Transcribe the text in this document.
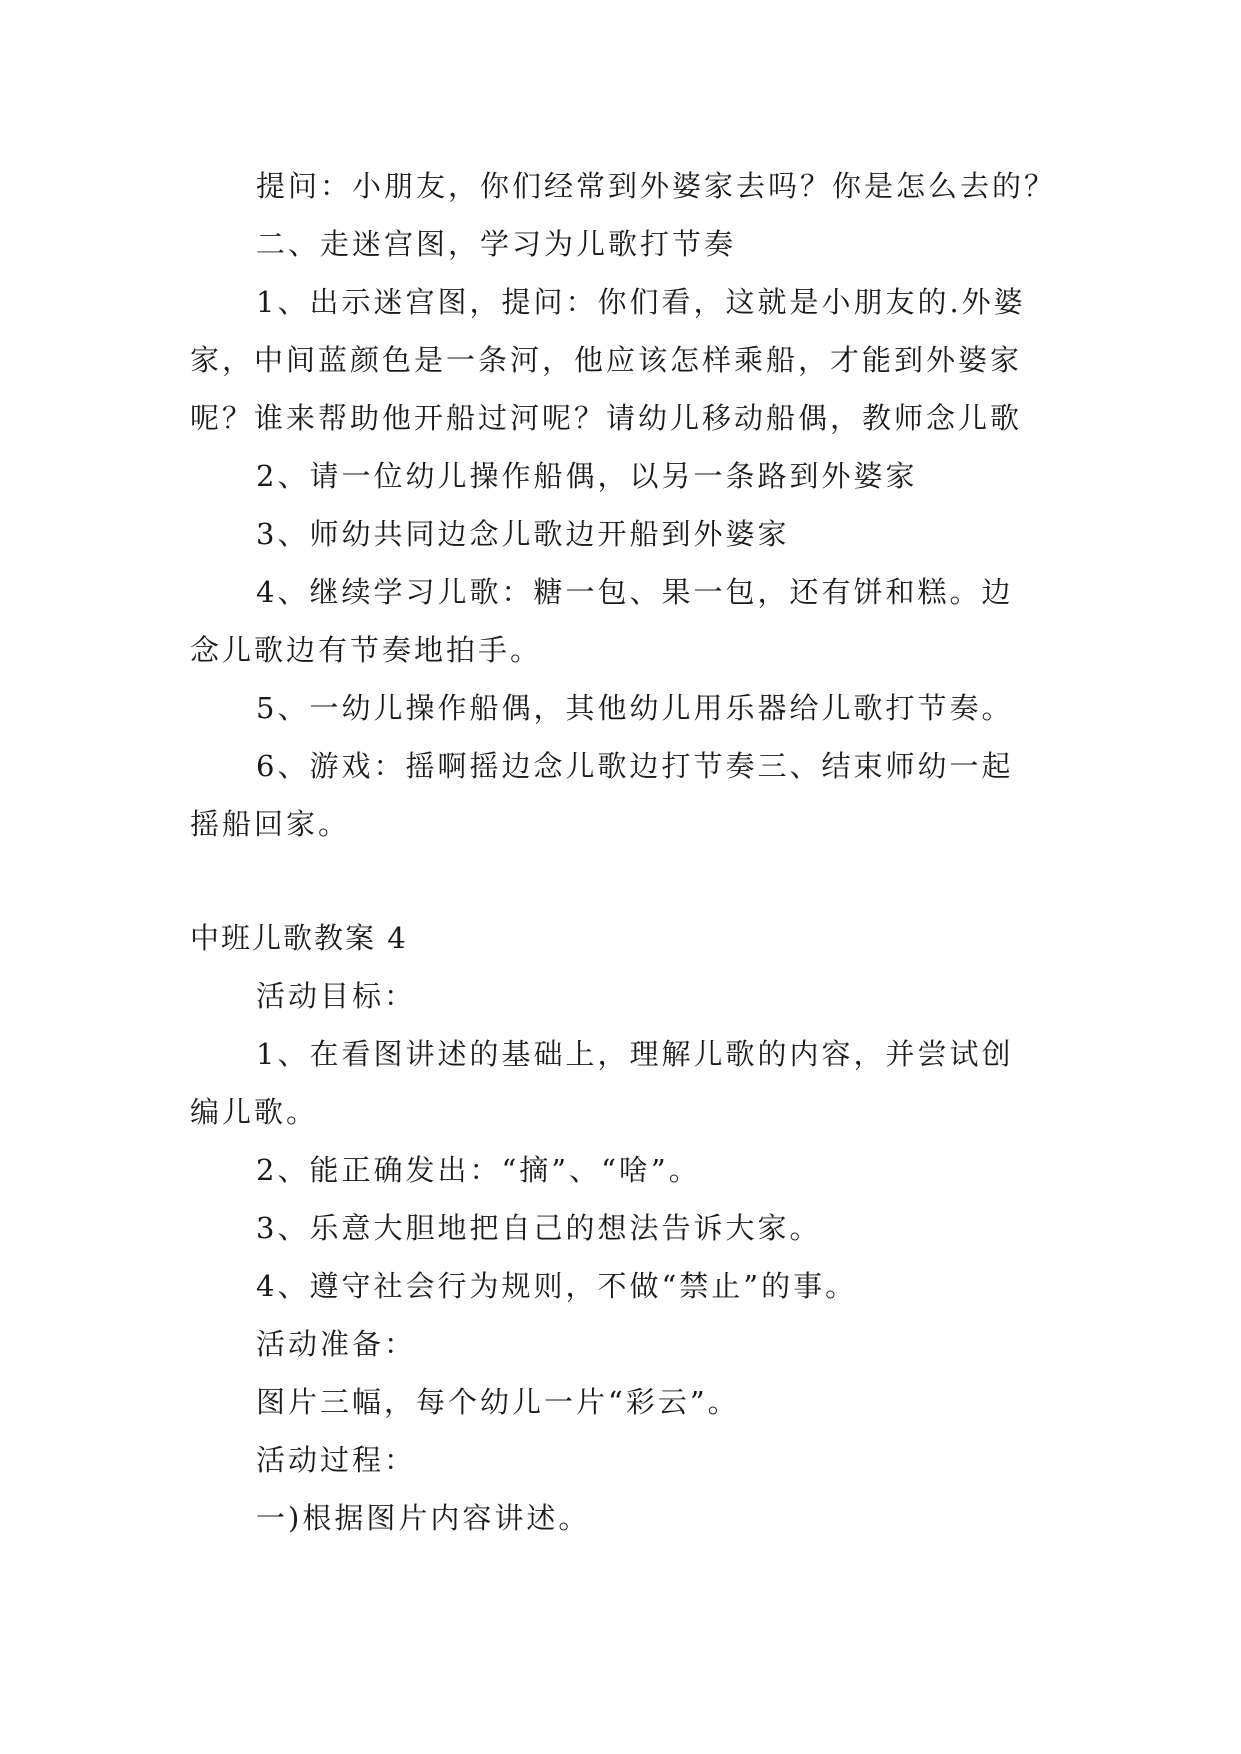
提问：小朋友，你们经常到外婆家去吗？你是怎么去的？
二、走迷宫图，学习为儿歌打节奏
1、出示迷宫图，提问：你们看，这就是小朋友的.外婆
家，中间蓝颜色是一条河，他应该怎样乘船，才能到外婆家
呢？谁来帮助他开船过河呢？请幼儿移动船偶，教师念儿歌
2、请一位幼儿操作船偶，以另一条路到外婆家
3、师幼共同边念儿歌边开船到外婆家
4、继续学习儿歌：糖一包、果一包，还有饼和糕。边
念儿歌边有节奏地拍手。
5、一幼儿操作船偶，其他幼儿用乐器给儿歌打节奏。
6、游戏：摇啊摇边念儿歌边打节奏三、结束师幼一起
摇船回家。
中班儿歌教案 4
活动目标：
1、在看图讲述的基础上，理解儿歌的内容，并尝试创
编儿歌。
2、能正确发出：“摘”、“啥”。
3、乐意大胆地把自己的想法告诉大家。
4、遵守社会行为规则，不做“禁止”的事。
活动准备：
图片三幅，每个幼儿一片“彩云”。
活动过程：
一)根据图片内容讲述。
